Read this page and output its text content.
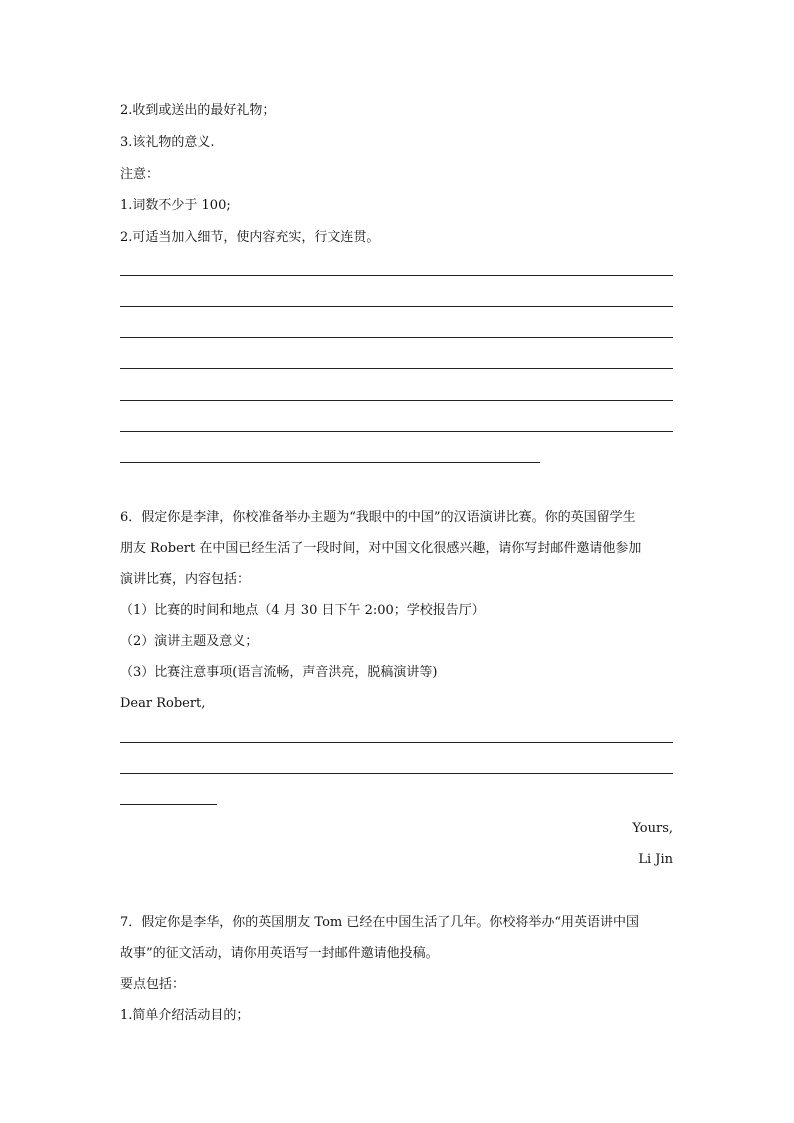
2.收到或送出的最好礼物；
3.该礼物的意义.
注意：
1.词数不少于 100;
2.可适当加入细节，使内容充实，行文连贯。
6．假定你是李津，你校准备举办主题为“我眼中的中国”的汉语演讲比赛。你的英国留学生
朋友 Robert 在中国已经生活了一段时间，对中国文化很感兴趣，请你写封邮件邀请他参加
演讲比赛，内容包括：
（1）比赛的时间和地点（4 月 30 日下午 2:00；学校报告厅）
（2）演讲主题及意义；
（3）比赛注意事项(语言流畅，声音洪亮，脱稿演讲等)
Dear Robert,
Yours,
Li Jin
7．假定你是李华，你的英国朋友 Tom 已经在中国生活了几年。你校将举办“用英语讲中国
故事”的征文活动，请你用英语写一封邮件邀请他投稿。
要点包括：
1.简单介绍活动目的；
